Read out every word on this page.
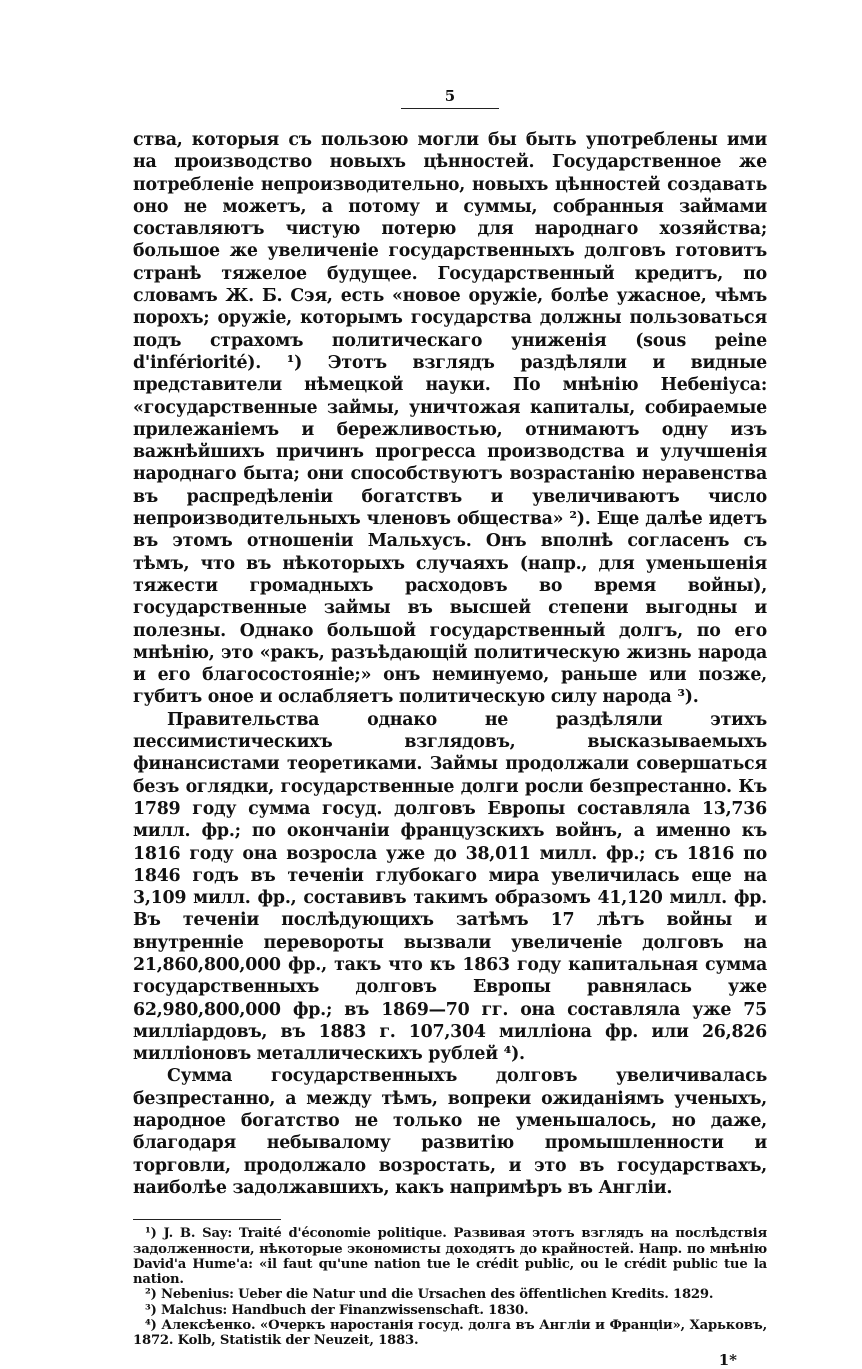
5

ства, которыя съ пользою могли бы быть употреблены ими на производство новыхъ цѣнностей. Государственное же потребленіе непроизводительно, новыхъ цѣнностей создавать оно не можетъ, а потому и суммы, собранныя займами составляютъ чистую потерю для народнаго хозяйства; большое же увеличеніе государственныхъ долговъ готовитъ странѣ тяжелое будущее. Государственный кредитъ, по словамъ Ж. Б. Сэя, есть «новое оружіе, болѣе ужасное, чѣмъ порохъ; оружіе, которымъ государства должны пользоваться подъ страхомъ политическаго униженія (sous peine d'infériorité). ¹) Этотъ взглядъ раздѣляли и видные представители нѣмецкой науки. По мнѣнію Небеніуса: «государственные займы, уничтожая капиталы, собираемые прилежаніемъ и бережливостью, отнимаютъ одну изъ важнѣйшихъ причинъ прогресса производства и улучшенія народнаго быта; они способствуютъ возрастанію неравенства въ распредѣленіи богатствъ и увеличиваютъ число непроизводительныхъ членовъ общества» ²). Еще далѣе идетъ въ этомъ отношеніи Мальхусъ. Онъ вполнѣ согласенъ съ тѣмъ, что въ нѣкоторыхъ случаяхъ (напр., для уменьшенія тяжести громадныхъ расходовъ во время войны), государственные займы въ высшей степени выгодны и полезны. Однако большой государственный долгъ, по его мнѣнію, это «ракъ, разъѣдающій политическую жизнь народа и его благосостояніе;» онъ неминуемо, раньше или позже, губитъ оное и ослабляетъ политическую силу народа ³).

Правительства однако не раздѣляли этихъ пессимистическихъ взглядовъ, высказываемыхъ финансистами теоретиками. Займы продолжали совершаться безъ оглядки, государственные долги росли безпрестанно. Къ 1789 году сумма госуд. долговъ Европы составляла 13,736 милл. фр.; по окончаніи французскихъ войнъ, а именно къ 1816 году она возросла уже до 38,011 милл. фр.; съ 1816 по 1846 годъ въ теченіи глубокаго мира увеличилась еще на 3,109 милл. фр., составивъ такимъ образомъ 41,120 милл. фр. Въ теченіи послѣдующихъ затѣмъ 17 лѣтъ войны и внутренніе перевороты вызвали увеличеніе долговъ на 21,860,800,000 фр., такъ что къ 1863 году капитальная сумма государственныхъ долговъ Европы равнялась уже 62,980,800,000 фр.; въ 1869—70 гг. она составляла уже 75 миллiардовъ, въ 1883 г. 107,304 милліона фр. или 26,826 милліоновъ металлическихъ рублей ⁴).

Сумма государственныхъ долговъ увеличивалась безпрестанно, а между тѣмъ, вопреки ожиданіямъ ученыхъ, народное богатство не только не уменьшалось, но даже, благодаря небывалому развитію промышленности и торговли, продолжало возростать, и это въ государствахъ, наиболѣе задолжавшихъ, какъ напримѣръ въ Англіи.

¹) J. B. Say: Traité d'économie politique. Развивая этотъ взглядъ на послѣдствія задолженности, нѣкоторые экономисты доходятъ до крайностей. Напр. по мнѣнію David'a Hume'a: «il faut qu'une nation tue le crédit public, ou le crédit public tue la nation.

²) Nebenius: Ueber die Natur und die Ursachen des öffentlichen Kredits. 1829.

³) Malchus: Handbuch der Finanzwissenschaft. 1830.

⁴) Алексѣенко. «Очеркъ наростанія госуд. долга въ Англіи и Франціи», Харьковъ, 1872. Kolb, Statistik der Neuzeit, 1883.

1*
